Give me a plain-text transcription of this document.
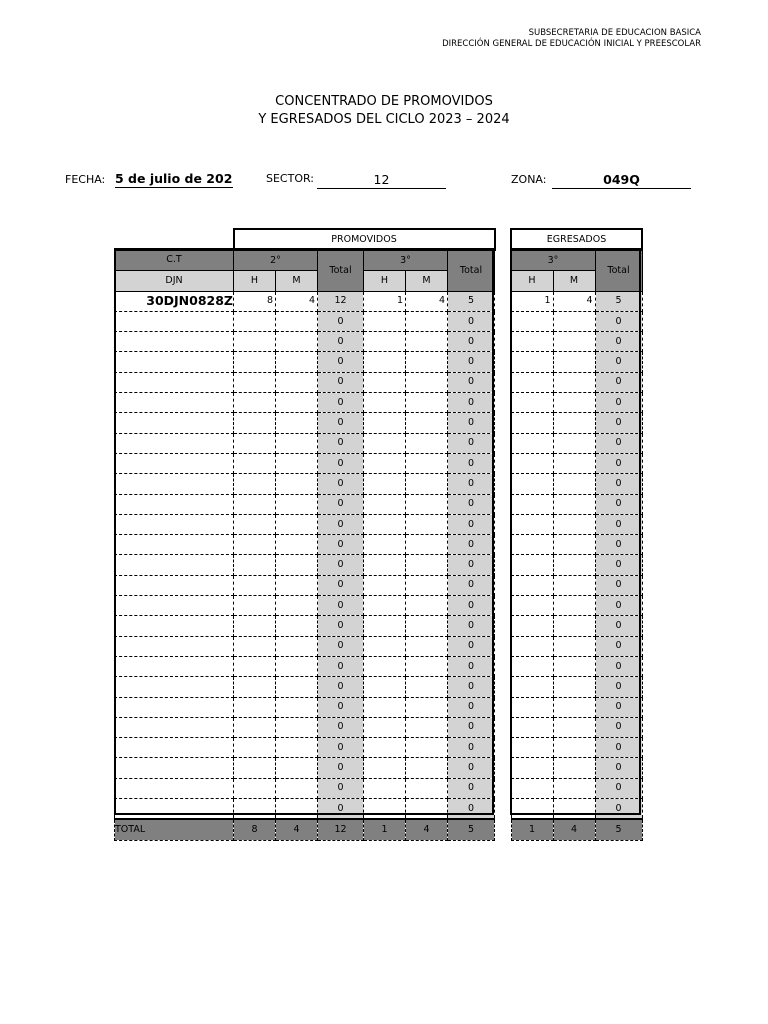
SUBSECRETARIA DE EDUCACION BASICA
DIRECCIÓN GENERAL DE EDUCACIÓN INICIAL Y PREESCOLAR
CONCENTRADO DE PROMOVIDOS
Y EGRESADOS DEL CICLO 2023 – 2024
FECHA: 5 de julio de 202	SECTOR:	12	ZONA:	049Q
	PROMOVIDOS					
C.T	2°		Total	3°		Total
DJN	H	M		H	M	
30DJN0828Z	8	4	12	1	4	5
			0			0
			0			0
			0			0
			0			0
			0			0
			0			0
			0			0
			0			0
			0			0
			0			0
			0			0
			0			0
			0			0
			0			0
			0			0
			0			0
			0			0
			0			0
			0			0
			0			0
			0			0
			0			0
			0			0
			0			0
			0			0
TOTAL	8	4	12	1	4	5
EGRESADOS		
3°		Total
H	M	
1	4	5
		0
		0
		0
		0
		0
		0
		0
		0
		0
		0
		0
		0
		0
		0
		0
		0
		0
		0
		0
		0
		0
		0
		0
		0
		0
1	4	5
